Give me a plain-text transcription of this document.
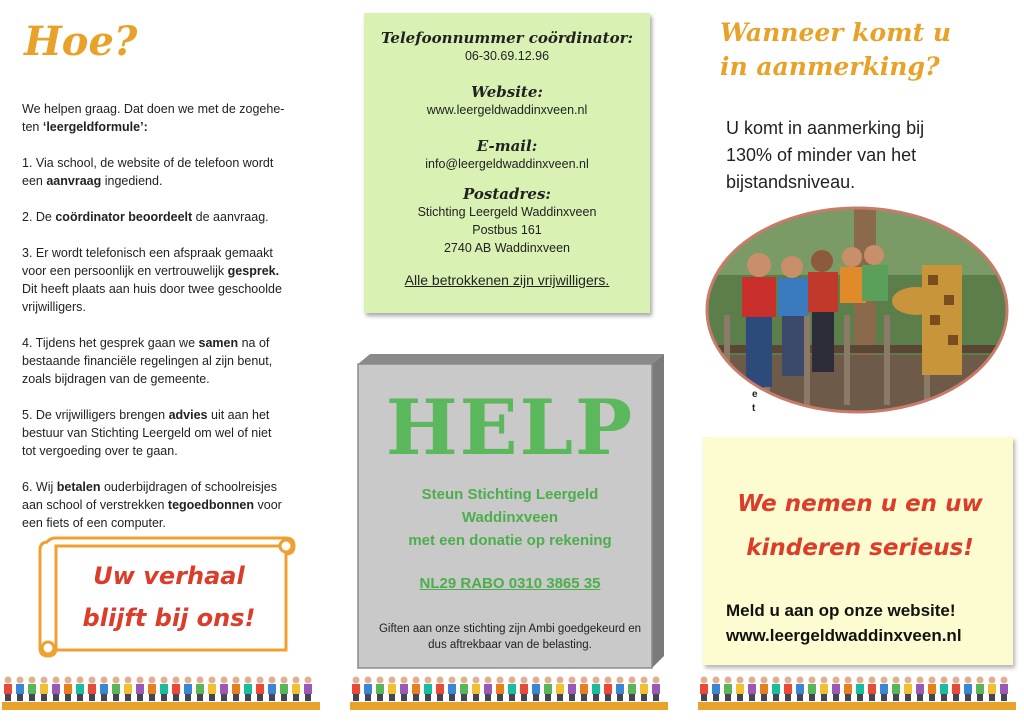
Hoe?

We helpen graag. Dat doen we met de zogehe-
ten ‘leergeldformule’:

1. Via school, de website of de telefoon wordt
een aanvraag ingediend.

2. De coördinator beoordeelt de aanvraag.

3. Er wordt telefonisch een afspraak gemaakt
voor een persoonlijk en vertrouwelijk gesprek.
Dit heeft plaats aan huis door twee geschoolde
vrijwilligers.

4. Tijdens het gesprek gaan we samen na of
bestaande financiële regelingen al zijn benut,
zoals bijdragen van de gemeente.

5. De vrijwilligers brengen advies uit aan het
bestuur van Stichting Leergeld om wel of niet
tot vergoeding over te gaan.

6. Wij betalen ouderbijdragen of schoolreisjes
aan school of verstrekken tegoedbonnen voor
een fiets of een computer.

Uw verhaal
blijft bij ons!
Telefoonnummer coördinator:
06-30.69.12.96
Website:
www.leergeldwaddinxveen.nl
E-mail:
info@leergeldwaddinxveen.nl
Postadres:
Stichting Leergeld Waddinxveen
Postbus 161
2740 AB Waddinxveen
Alle betrokkenen zijn vrijwilligers.
HELP
Steun Stichting Leergeld
Waddinxveen
met een donatie op rekening
NL29 RABO 0310 3865 35
Giften aan onze stichting zijn Ambi goedgekeurd en
dus aftrekbaar van de belasting.
Wanneer komt u
in aanmerking?
U komt in aanmerking bij
130% of minder van het
bijstandsniveau.
e
t
We nemen u en uw
kinderen serieus!
Meld u aan op onze website!
www.leergeldwaddinxveen.nl
